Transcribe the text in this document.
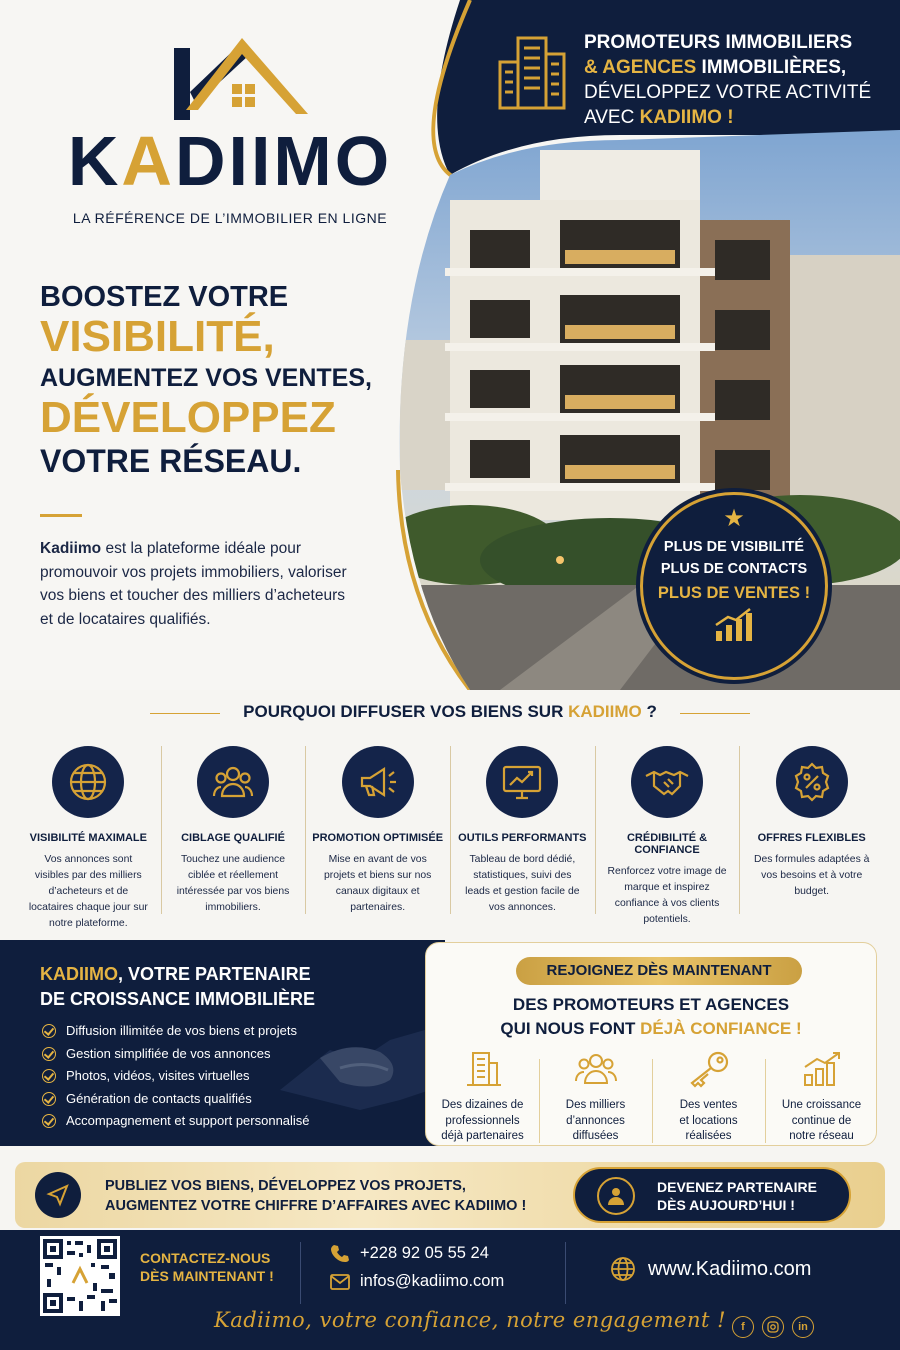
KADIIMO
LA RÉFÉRENCE DE L’IMMOBILIER EN LIGNE
PROMOTEURS IMMOBILIERS
& AGENCES IMMOBILIÈRES,
DÉVELOPPEZ VOTRE ACTIVITÉ
AVEC KADIIMO !
BOOSTEZ VOTRE
VISIBILITÉ,
AUGMENTEZ VOS VENTES,
DÉVELOPPEZ
VOTRE RÉSEAU.

Kadiimo est la plateforme idéale pour promouvoir vos projets immobiliers, valoriser vos biens et toucher des milliers d’acheteurs et de locataires qualifiés.

★
PLUS DE VISIBILITÉ
PLUS DE CONTACTS
PLUS DE VENTES !
POURQUOI DIFFUSER VOS BIENS SUR KADIIMO ?
VISIBILITÉ MAXIMALE
Vos annonces sont visibles par des milliers d’acheteurs et de locataires chaque jour sur notre plateforme.
CIBLAGE QUALIFIÉ
Touchez une audience ciblée et réellement intéressée par vos biens immobiliers.
PROMOTION OPTIMISÉE
Mise en avant de vos projets et biens sur nos canaux digitaux et partenaires.
OUTILS PERFORMANTS
Tableau de bord dédié, statistiques, suivi des leads et gestion facile de vos annonces.
CRÉDIBILITÉ & CONFIANCE
Renforcez votre image de marque et inspirez confiance à vos clients potentiels.
OFFRES FLEXIBLES
Des formules adaptées à vos besoins et à votre budget.
KADIIMO, VOTRE PARTENAIRE
DE CROISSANCE IMMOBILIÈRE
Diffusion illimitée de vos biens et projets
Gestion simplifiée de vos annonces
Photos, vidéos, visites virtuelles
Génération de contacts qualifiés
Accompagnement et support personnalisé
REJOIGNEZ DÈS MAINTENANT
DES PROMOTEURS ET AGENCES
QUI NOUS FONT DÉJÀ CONFIANCE !
Des dizaines de
professionnels
déjà partenaires
Des milliers
d’annonces
diffusées
Des ventes
et locations
réalisées
Une croissance
continue de
notre réseau
PUBLIEZ VOS BIENS, DÉVELOPPEZ VOS PROJETS,
AUGMENTEZ VOTRE CHIFFRE D’AFFAIRES AVEC KADIIMO !
DEVENEZ PARTENAIRE
DÈS AUJOURD’HUI !
CONTACTEZ-NOUS
DÈS MAINTENANT !
+228 92 05 55 24
infos@kadiimo.com
www. Kadiimo .com
Kadiimo, votre confiance, notre engagement !	f	in
